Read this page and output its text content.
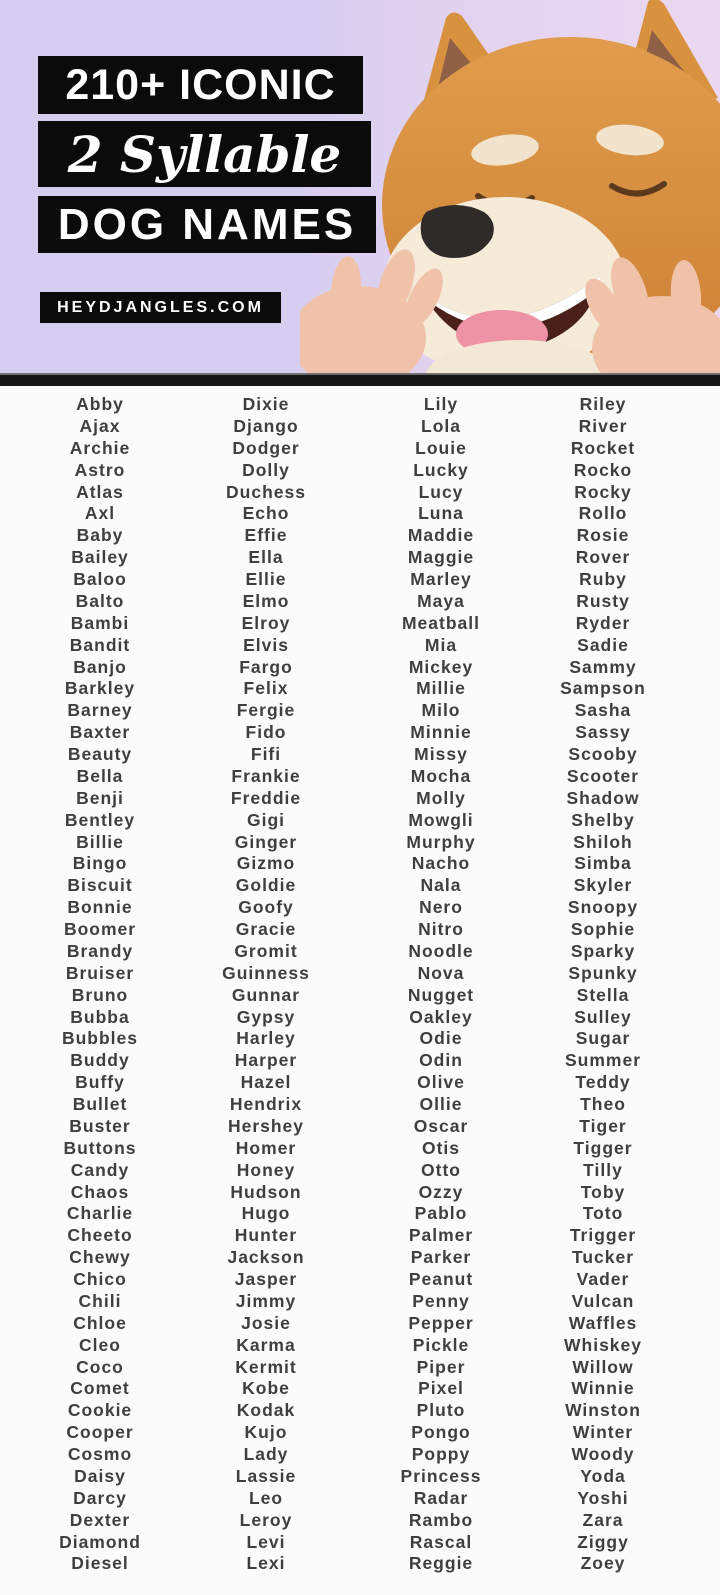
210+ ICONIC
2 Syllable
DOG NAMES
HEYDJANGLES.COM
Abby
Ajax
Archie
Astro
Atlas
Axl
Baby
Bailey
Baloo
Balto
Bambi
Bandit
Banjo
Barkley
Barney
Baxter
Beauty
Bella
Benji
Bentley
Billie
Bingo
Biscuit
Bonnie
Boomer
Brandy
Bruiser
Bruno
Bubba
Bubbles
Buddy
Buffy
Bullet
Buster
Buttons
Candy
Chaos
Charlie
Cheeto
Chewy
Chico
Chili
Chloe
Cleo
Coco
Comet
Cookie
Cooper
Cosmo
Daisy
Darcy
Dexter
Diamond
Diesel
Dixie
Django
Dodger
Dolly
Duchess
Echo
Effie
Ella
Ellie
Elmo
Elroy
Elvis
Fargo
Felix
Fergie
Fido
Fifi
Frankie
Freddie
Gigi
Ginger
Gizmo
Goldie
Goofy
Gracie
Gromit
Guinness
Gunnar
Gypsy
Harley
Harper
Hazel
Hendrix
Hershey
Homer
Honey
Hudson
Hugo
Hunter
Jackson
Jasper
Jimmy
Josie
Karma
Kermit
Kobe
Kodak
Kujo
Lady
Lassie
Leo
Leroy
Levi
Lexi
Lily
Lola
Louie
Lucky
Lucy
Luna
Maddie
Maggie
Marley
Maya
Meatball
Mia
Mickey
Millie
Milo
Minnie
Missy
Mocha
Molly
Mowgli
Murphy
Nacho
Nala
Nero
Nitro
Noodle
Nova
Nugget
Oakley
Odie
Odin
Olive
Ollie
Oscar
Otis
Otto
Ozzy
Pablo
Palmer
Parker
Peanut
Penny
Pepper
Pickle
Piper
Pixel
Pluto
Pongo
Poppy
Princess
Radar
Rambo
Rascal
Reggie
Riley
River
Rocket
Rocko
Rocky
Rollo
Rosie
Rover
Ruby
Rusty
Ryder
Sadie
Sammy
Sampson
Sasha
Sassy
Scooby
Scooter
Shadow
Shelby
Shiloh
Simba
Skyler
Snoopy
Sophie
Sparky
Spunky
Stella
Sulley
Sugar
Summer
Teddy
Theo
Tiger
Tigger
Tilly
Toby
Toto
Trigger
Tucker
Vader
Vulcan
Waffles
Whiskey
Willow
Winnie
Winston
Winter
Woody
Yoda
Yoshi
Zara
Ziggy
Zoey
